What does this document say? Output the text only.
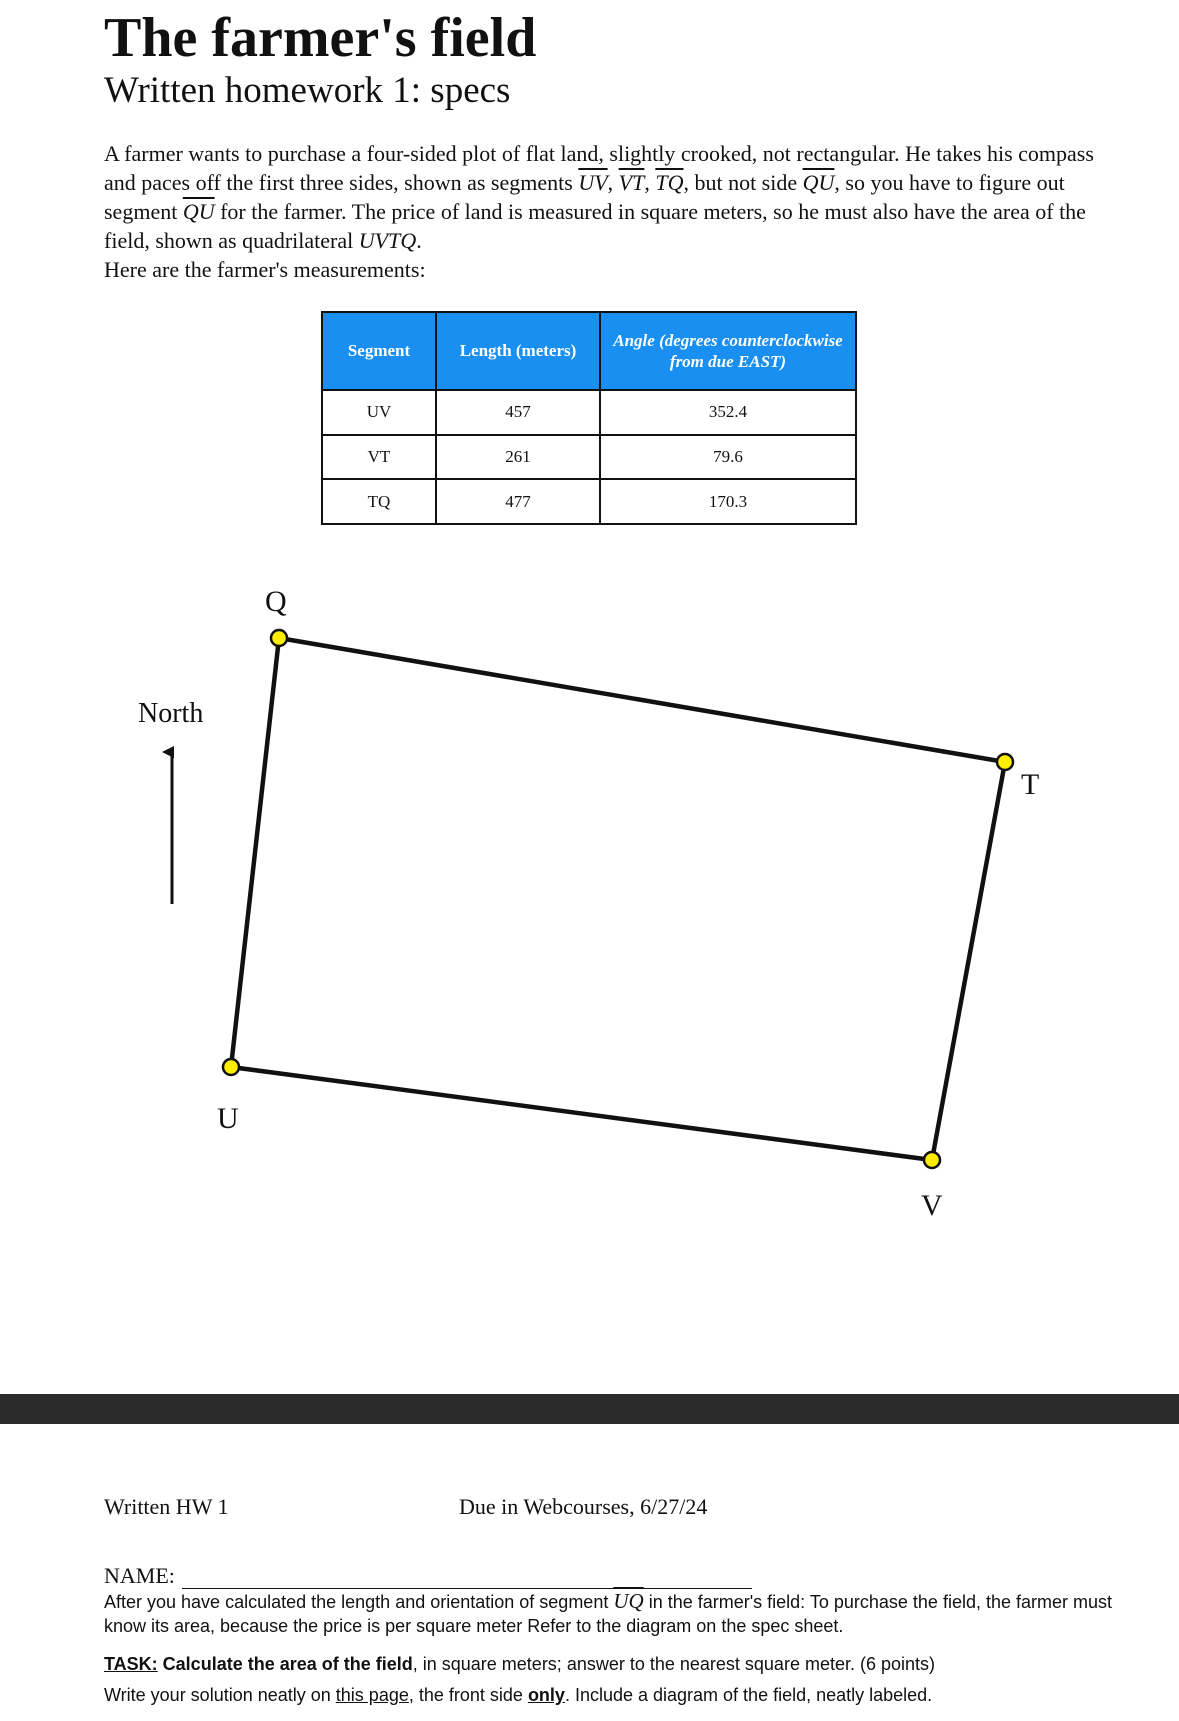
The farmer's field
Written homework 1: specs

A farmer wants to purchase a four-sided plot of flat land, slightly crooked, not rectangular. He takes his compass and paces off the first three sides, shown as segments $\overline{UV}$, $\overline{VT}$, $\overline{TQ}$, but not side $\overline{QU}$, so you have to figure out segment $\overline{QU}$ for the farmer. The price of land is measured in square meters, so he must also have the area of the field, shown as quadrilateral UVTQ.

Here are the farmer's measurements:

Segment	Length (meters)	Angle (degrees counterclockwise from due EAST)
UV	457	352.4
VT	261	79.6
TQ	477	170.3
North
Q
T
U
V
Written HW 1	Due in Webcourses, 6/27/24
NAME:
After you have calculated the length and orientation of segment $\overline{UQ}$ in the farmer's field: To purchase the field, the farmer must know its area, because the price is per square meter Refer to the diagram on the spec sheet.
TASK: Calculate the area of the field, in square meters; answer to the nearest square meter. (6 points)
Write your solution neatly on this page, the front side only. Include a diagram of the field, neatly labeled.
